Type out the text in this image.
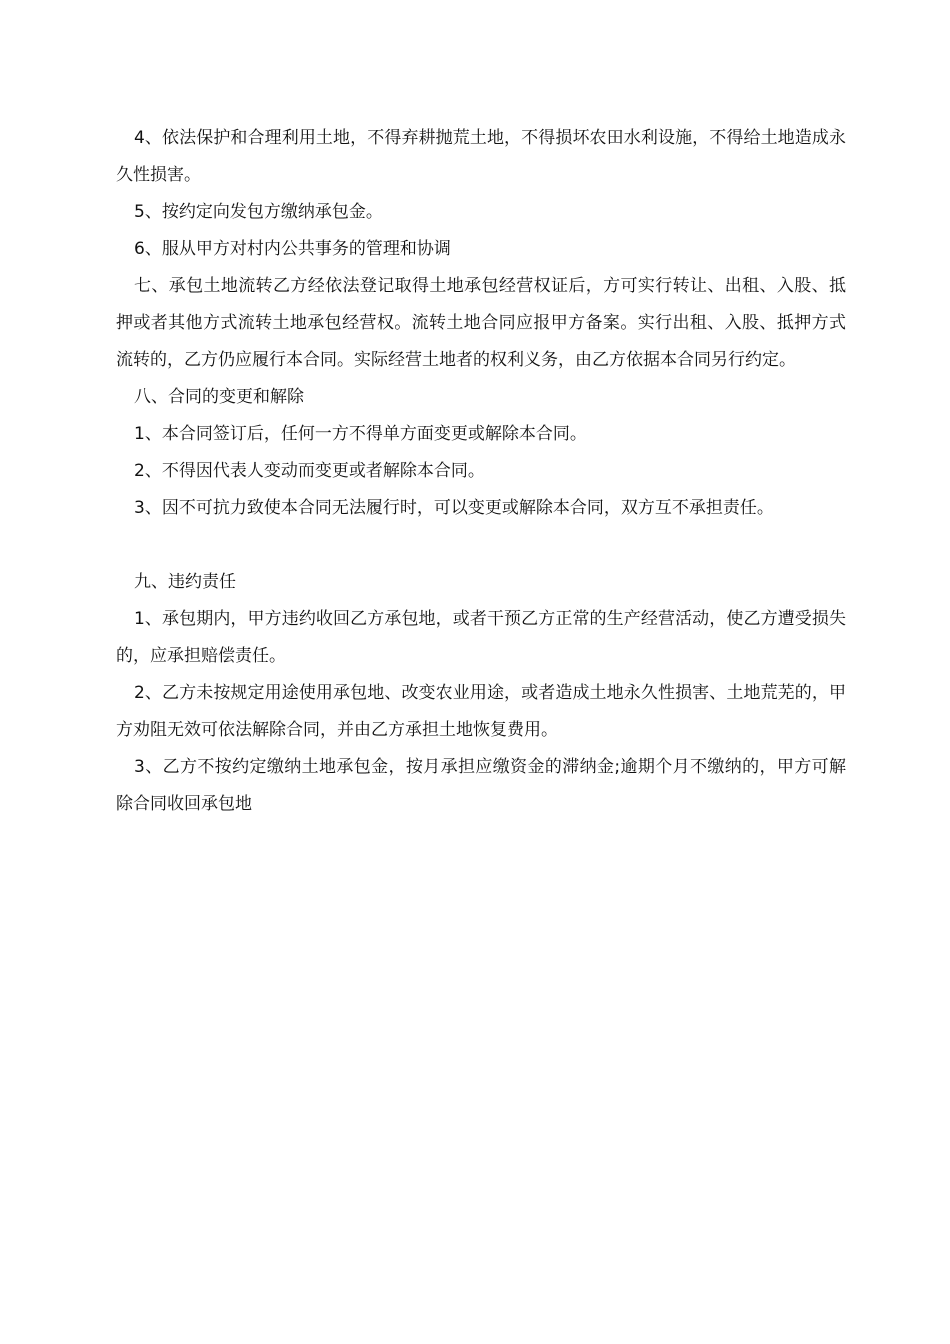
4、依法保护和合理利用土地，不得弃耕抛荒土地，不得损坏农田水利设施，不得给土地造成永久性损害。

5、按约定向发包方缴纳承包金。

6、服从甲方对村内公共事务的管理和协调

七、承包土地流转乙方经依法登记取得土地承包经营权证后，方可实行转让、出租、入股、抵押或者其他方式流转土地承包经营权。流转土地合同应报甲方备案。实行出租、入股、抵押方式流转的，乙方仍应履行本合同。实际经营土地者的权利义务，由乙方依据本合同另行约定。

八、合同的变更和解除

1、本合同签订后，任何一方不得单方面变更或解除本合同。

2、不得因代表人变动而变更或者解除本合同。

3、因不可抗力致使本合同无法履行时，可以变更或解除本合同，双方互不承担责任。

九、违约责任

1、承包期内，甲方违约收回乙方承包地，或者干预乙方正常的生产经营活动，使乙方遭受损失的，应承担赔偿责任。

2、乙方未按规定用途使用承包地、改变农业用途，或者造成土地永久性损害、土地荒芜的，甲方劝阻无效可依法解除合同，并由乙方承担土地恢复费用。

3、乙方不按约定缴纳土地承包金，按月承担应缴资金的滞纳金;逾期个月不缴纳的，甲方可解除合同收回承包地
